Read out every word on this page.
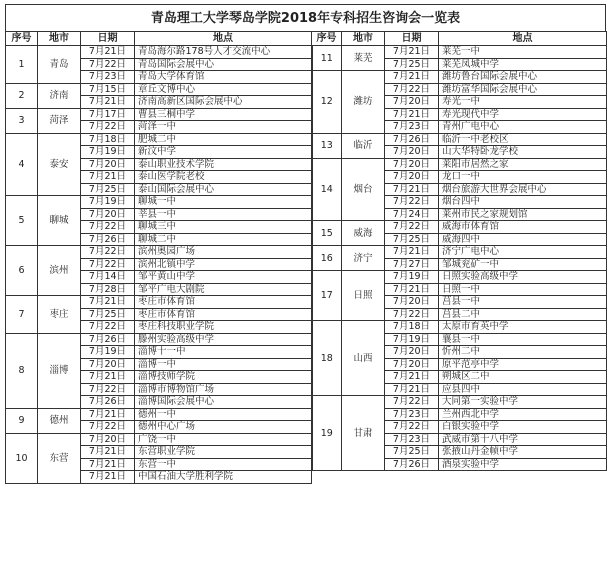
青岛理工大学琴岛学院2018年专科招生咨询会一览表
序号	地市	日期	地点	序号	地市	日期	地点
1	青岛	7月21日	青岛海尔路178号人才交流中心	11	莱芜	7月21日	莱芜一中
		7月22日	青岛国际会展中心			7月25日	莱芜凤城中学
		7月23日	青岛大学体育馆	12	潍坊	7月21日	潍坊鲁台国际会展中心
2	济南	7月15日	章丘文博中心			7月22日	潍坊富华国际会展中心
		7月21日	济南高新区国际会展中心			7月20日	寿光一中
3	菏泽	7月17日	曹县三桐中学			7月21日	寿光现代中学
		7月22日	菏泽一中			7月23日	青州广电中心
4	泰安	7月18日	肥城二中	13	临沂	7月26日	临沂一中老校区
		7月19日	新汶中学			7月20日	山大华特卧龙学校
		7月20日	泰山职业技术学院	14	烟台	7月20日	莱阳市居然之家
		7月21日	泰山医学院老校			7月20日	龙口一中
		7月25日	泰山国际会展中心			7月21日	烟台旅游大世界会展中心
5	聊城	7月19日	聊城一中			7月22日	烟台四中
		7月20日	莘县一中			7月24日	莱州市民之家规划馆
		7月22日	聊城三中	15	威海	7月22日	威海市体育馆
		7月26日	聊城二中			7月25日	威海四中
6	滨州	7月22日	滨州奥园广场	16	济宁	7月21日	济宁广电中心
		7月22日	滨州北镇中学			7月27日	邹城兖矿一中
		7月14日	邹平黄山中学	17	日照	7月19日	日照实验高级中学
		7月28日	邹平广电大剧院			7月21日	日照一中
7	枣庄	7月21日	枣庄市体育馆			7月20日	莒县一中
		7月25日	枣庄市体育馆			7月22日	莒县二中
		7月22日	枣庄科技职业学院	18	山西	7月18日	太原市育英中学
8	淄博	7月26日	滕州实验高级中学			7月19日	襄县一中
		7月19日	淄博十一中			7月20日	忻州二中
		7月20日	淄博一中			7月20日	原平范亭中学
		7月21日	淄博技师学院			7月21日	朔城区二中
		7月22日	淄博市博物馆广场			7月21日	应县四中
		7月26日	淄博国际会展中心	19	甘肃	7月22日	大同第一实验中学
9	德州	7月21日	德州一中			7月23日	兰州西北中学
		7月22日	德州中心广场			7月22日	白银实验中学
10	东营	7月20日	广饶一中			7月23日	武威市第十八中学
		7月21日	东营职业学院			7月25日	张掖山丹金帧中学
		7月21日	东营一中			7月26日	酒泉实验中学
		7月21日	中国石油大学胜利学院				
